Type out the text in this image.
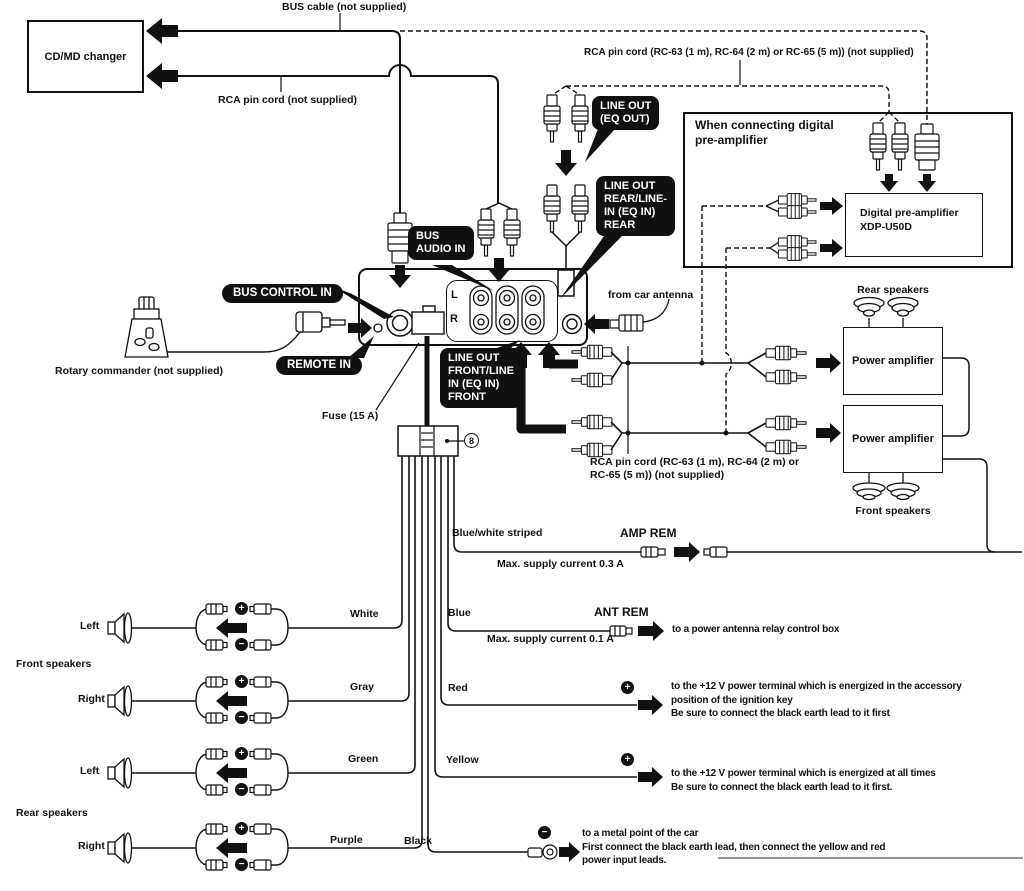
CD/MD changer
Power amplifier
Power amplifier
BUS cable (not supplied)
RCA pin cord (not supplied)
RCA pin cord (RC-63 (1 m), RC-64 (2 m) or RC-65 (5 m)) (not supplied)
LINE OUT
(EQ OUT)
BUS
AUDIO IN
LINE OUT
REAR/LINE-
IN (EQ IN)
REAR
LINE OUT
FRONT/LINE
IN (EQ IN)
FRONT
BUS CONTROL IN
REMOTE IN
When connecting digital
pre-amplifier
Digital pre-amplifier
XDP-U50D
L
R
from car antenna
Rotary commander (not supplied)
Fuse (15 A)
8
Rear speakers
Front speakers
RCA pin cord (RC-63 (1 m), RC-64 (2 m) or
RC-65 (5 m)) (not supplied)
Blue/white striped	AMP REM
Max. supply current 0.3 A
Blue	ANT REM
Max. supply current 0.1 A
to a power antenna relay control box
Red	+	to the +12 V power terminal which is energized in the accessory
position of the ignition key
Be sure to connect the black earth lead to it first
Yellow	+
to the +12 V power terminal which is energized at all times
Be sure to connect the black earth lead to it first.
Black
−	to a metal point of the car
First connect the black earth lead, then connect the yellow and red
power input leads.
Front speakers
Rear speakers
Left
White
Right
Gray
Left
Green
Right	Purple
+
−
+
−
+
−
+
−
